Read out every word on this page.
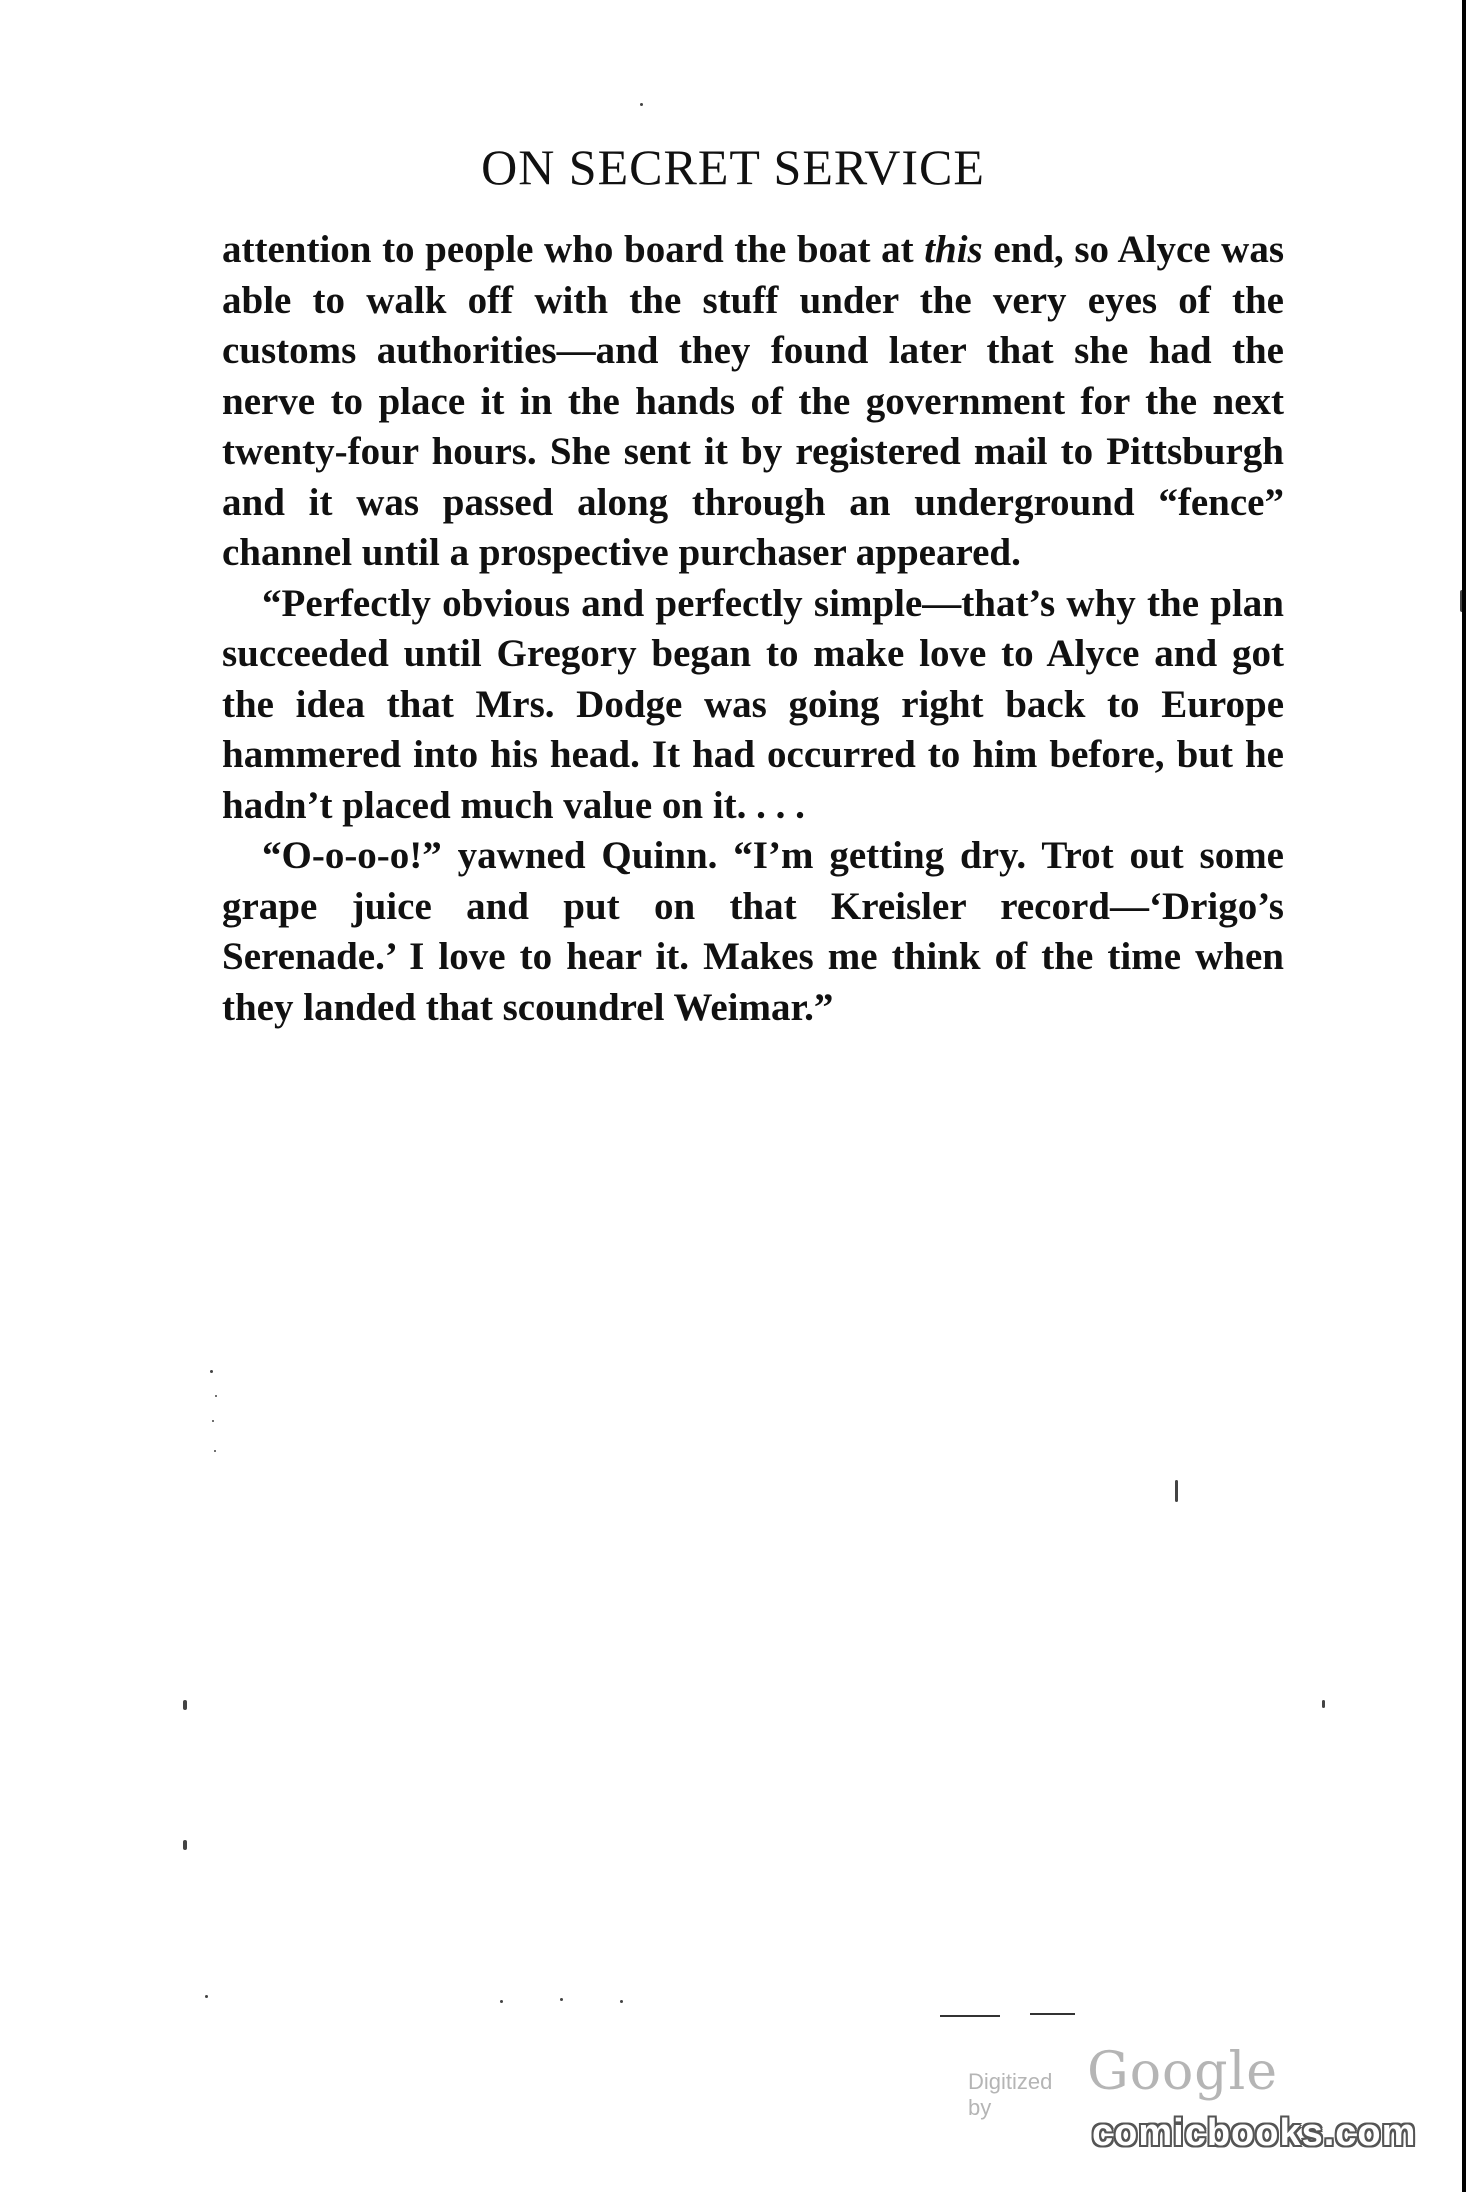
ON SECRET SERVICE

attention to people who board the boat at this end, so Alyce was able to walk off with the stuff under the very eyes of the customs authorities—and they found later that she had the nerve to place it in the hands of the government for the next twenty-four hours. She sent it by registered mail to Pittsburgh and it was passed along through an underground “fence” channel until a prospective purchaser appeared.

“Perfectly obvious and perfectly simple—that’s why the plan succeeded until Gregory began to make love to Alyce and got the idea that Mrs. Dodge was going right back to Europe hammered into his head. It had occurred to him before, but he hadn’t placed much value on it. . . .

“O-o-o-o!” yawned Quinn. “I’m getting dry. Trot out some grape juice and put on that Kreisler record—‘Drigo’s Serenade.’ I love to hear it. Makes me think of the time when they landed that scoundrel Weimar.”

Digitized by
Google
comicbooks.com
